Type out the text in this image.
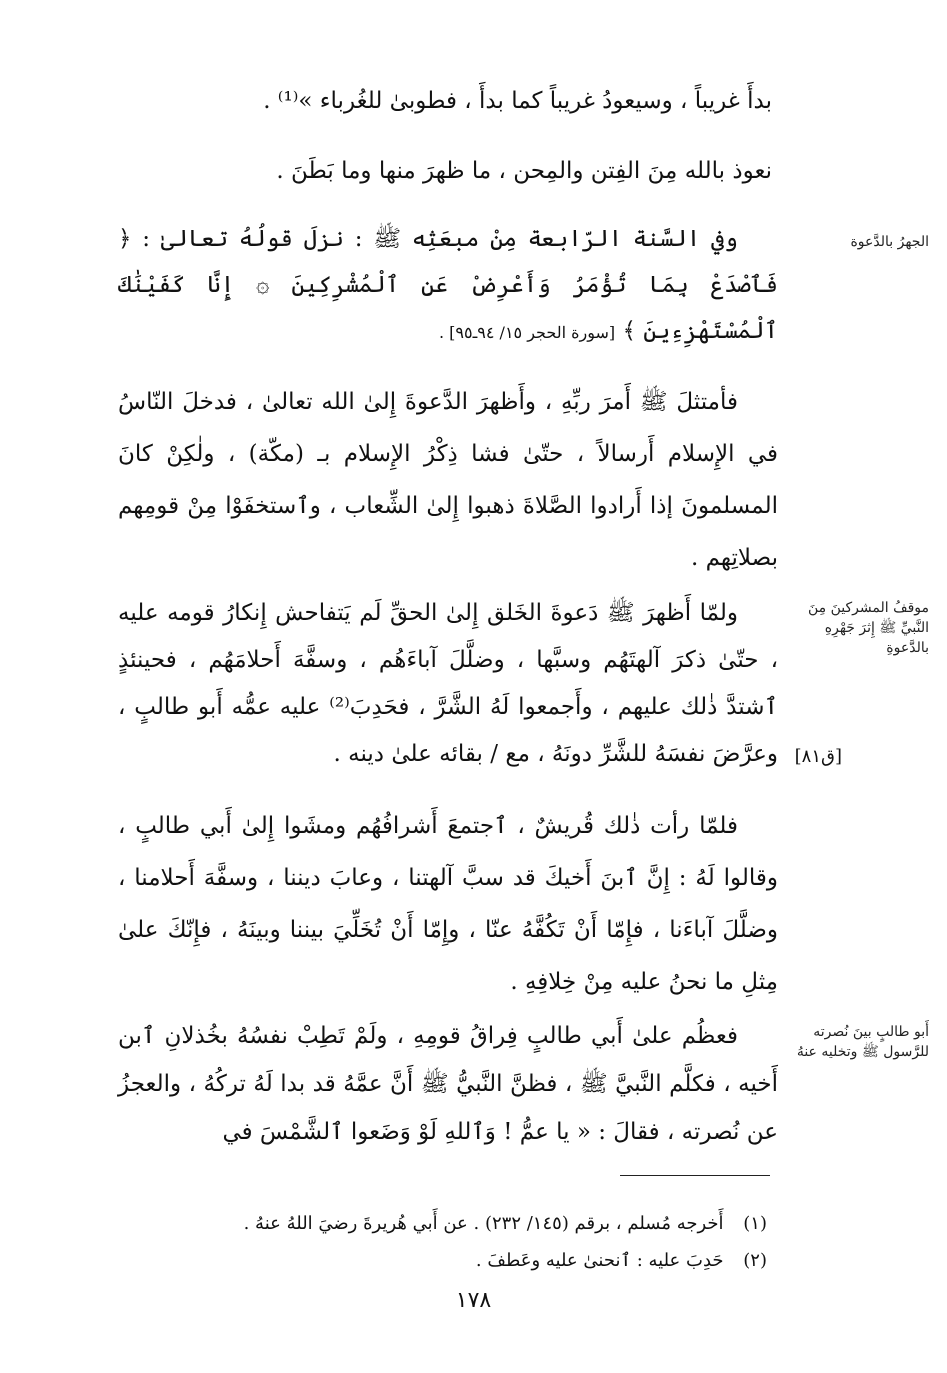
بدأَ غريباً ، وسيعودُ غريباً كما بدأَ ، فطوبىٰ للغُرباء »⁽¹⁾ .
نعوذ بالله مِنَ الفِتن والمِحن ، ما ظهرَ منها وما بَطَنَ .
الجهرُ بالدَّعوة
وفي السَّنة الرّابعة مِنْ مبعَثِه ﷺ : نزلَ قولُهُ تعالىٰ : ﴿ فَٱصْدَعْ بِمَا تُؤْمَرُ وَأَعْرِضْ عَنِ ٱلْمُشْرِكِينَ ۞ إِنَّا كَفَيْنَٰكَ ٱلْمُسْتَهْزِءِينَ ﴾ [سورة الحجر ١٥/ ٩٤ـ٩٥] .
فأمتثلَ ﷺ أَمرَ ربِّهِ ، وأَظهرَ الدَّعوةَ إِلىٰ الله تعالىٰ ، فدخلَ النّاسُ في الإِسلام أَرسالاً ، حتّىٰ فشا ذِكْرُ الإِسلام بـ (مكّة) ، ولٰكِنْ كانَ المسلمونَ إذا أَرادوا الصَّلاةَ ذهبوا إِلىٰ الشِّعاب ، وٱستخفَوْا مِنْ قومِهم بصلاتِهم .
موقفُ المشركينَ مِنَ النَّبيِّ ﷺ إِثرَ جَهْرِهِ بالدَّعوةِ
[ق٨١]
ولمّا أَظهرَ ﷺ دَعوةَ الخَلق إِلىٰ الحقِّ لَم يَتفاحش إِنكارُ قومه عليه ، حتّىٰ ذكرَ آلهتَهُم وسبَّها ، وضلَّلَ آباءَهُم ، وسفَّهَ أَحلامَهُم ، فحينئذٍ ٱشتدَّ ذٰلك عليهم ، وأَجمعوا لَهُ الشَّرَّ ، فحَدِبَ⁽²⁾ عليه عمُّه أَبو طالبٍ ، وعرَّضَ نفسَهُ للشَّرِّ دونَهُ ، مع / بقائه علىٰ دينه .
فلمّا رأت ذٰلك قُريشٌ ، ٱجتمعَ أَشرافُهُم ومشَوا إِلىٰ أَبي طالبٍ ، وقالوا لَهُ : إِنَّ ٱبنَ أَخيكَ قد سبَّ آلهتنا ، وعابَ ديننا ، وسفَّهَ أَحلامنا ، وضلَّلَ آباءَنا ، فإِمّا أَنْ تَكُفَّهُ عنّا ، وإِمّا أَنْ تُخَلِّيَ بيننا وبينَهُ ، فإِنّكَ علىٰ مِثلِ ما نحنُ عليه مِنْ خِلافِهِ .
أَبو طالبٍ بينَ نُصرته للرَّسول ﷺ وتخليه عنهُ
فعظُم علىٰ أَبي طالبٍ فِراقُ قومِهِ ، ولَمْ تَطِبْ نفسُهُ بخُذلانِ ٱبن أَخيه ، فكلَّم النَّبيَّ ﷺ ، فظنَّ النَّبيُّ ﷺ أَنَّ عمَّهُ قد بدا لَهُ تركُهُ ، والعجزُ عن نُصرته ، فقالَ : « يا عمُّ ! وَٱللهِ لَوْ وَضَعوا ٱلشَّمْسَ في
(١) أَخرجه مُسلم ، برقم (١٤٥/ ٢٣٢) . عن أَبي هُريرةَ رضيَ اللهُ عنهُ .
(٢) حَدِبَ عليه : ٱنحنىٰ عليه وعَطفَ .
١٧٨
